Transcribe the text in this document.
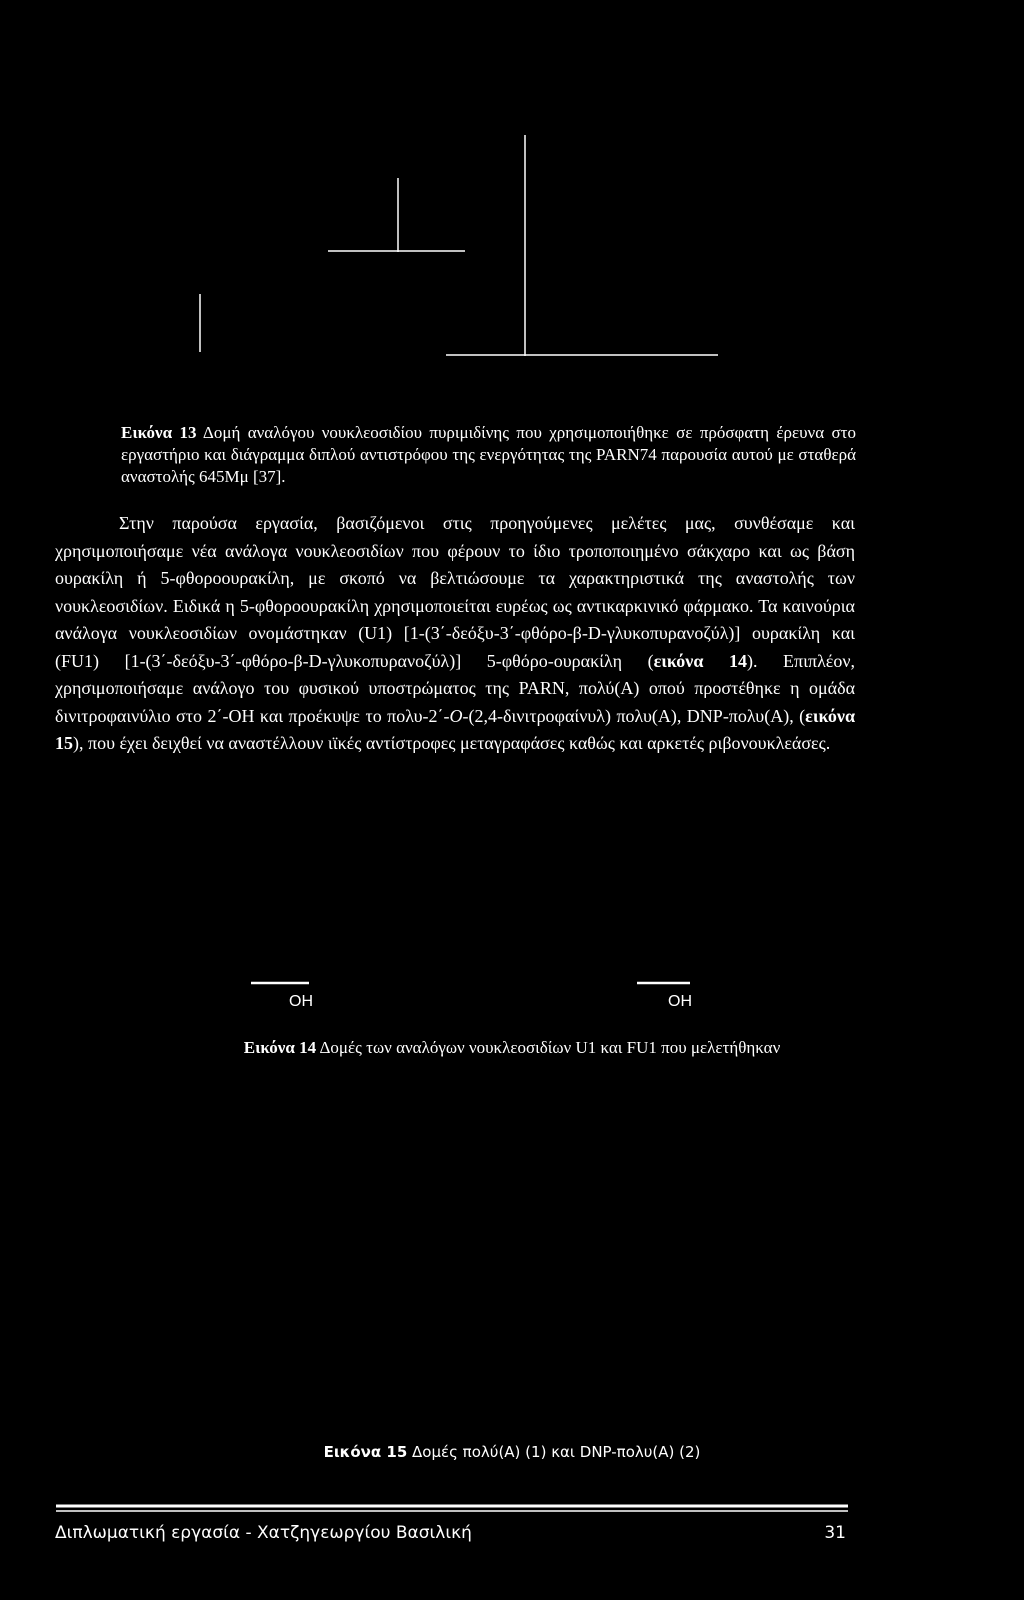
Εικόνα 13 Δομή αναλόγου νουκλεοσιδίου πυριμιδίνης που χρησιμοποιήθηκε σε πρόσφατη έρευνα στο εργαστήριο και διάγραμμα διπλού αντιστρόφου της ενεργότητας της PARN74 παρουσία αυτού με σταθερά αναστολής 645Μμ [37].
Στην παρούσα εργασία, βασιζόμενοι στις προηγούμενες μελέτες μας, συνθέσαμε και χρησιμοποιήσαμε νέα ανάλογα νουκλεοσιδίων που φέρουν το ίδιο τροποποιημένο σάκχαρο και ως βάση ουρακίλη ή 5-φθοροουρακίλη, με σκοπό να βελτιώσουμε τα χαρακτηριστικά της αναστολής των νουκλεοσιδίων. Ειδικά η 5-φθοροουρακίλη χρησιμοποιείται ευρέως ως αντικαρκινικό φάρμακο. Τα καινούρια ανάλογα νουκλεοσιδίων ονομάστηκαν (U1) [1-(3΄-δεόξυ-3΄-φθόρο-β-D-γλυκοπυρανοζύλ)] ουρακίλη και (FU1) [1-(3΄-δεόξυ-3΄-φθόρο-β-D-γλυκοπυρανοζύλ)] 5-φθόρο-ουρακίλη (εικόνα 14). Επιπλέον, χρησιμοποιήσαμε ανάλογο του φυσικού υποστρώματος της PARN, πολύ(Α) οπού προστέθηκε η ομάδα δινιτροφαινύλιο στο 2΄-ΟΗ και προέκυψε το πολυ-2΄-O-(2,4-δινιτροφαίνυλ) πολυ(Α), DNP-πολυ(Α), (εικόνα 15), που έχει δειχθεί να αναστέλλουν ιϊκές αντίστροφες μεταγραφάσες καθώς και αρκετές ριβονουκλεάσες.
OH	OH
Εικόνα 14 Δομές των αναλόγων νουκλεοσιδίων U1 και FU1 που μελετήθηκαν
Εικόνα 15 Δομές πολύ(Α) (1) και DNP-πολυ(Α) (2)
Διπλωματική εργασία - Χατζηγεωργίου Βασιλική	31
